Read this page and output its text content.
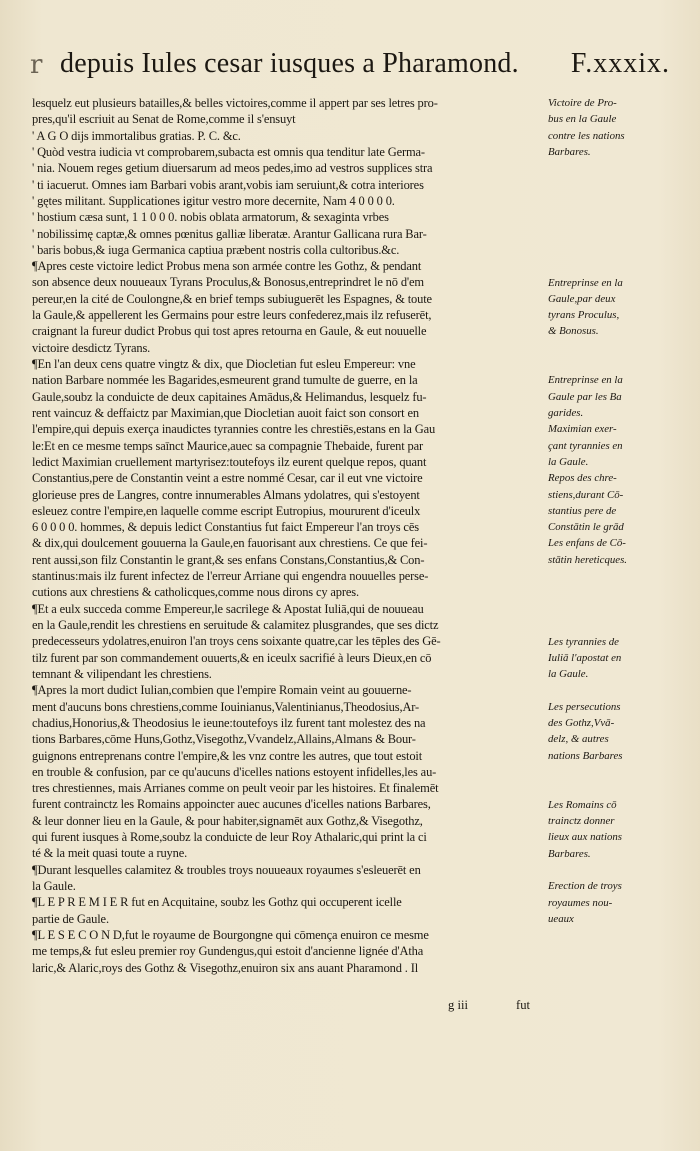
r depuis Iules cesar iusques a Pharamond. F.xxxix.
lesquelz eut plusieurs batailles,& belles victoires,comme il appert par ses letres pro-
pres,qu'il escriuit au Senat de Rome,comme il s'ensuyt
' A G O dijs immortalibus gratias. P. C. &c.
' Quòd vestra iudicia vt comprobarem,subacta est omnis qua tenditur late Germa-
' nia. Nouem reges getium diuersarum ad meos pedes,imo ad vestros supplices stra
' ti iacuerut. Omnes iam Barbari vobis arant,vobis iam seruiunt,& cotra interiores
' gętes militant. Supplicationes igitur vestro more decernite, Nam 4 0 0 0 0.
' hostium cæsa sunt, 1 1 0 0 0. nobis oblata armatorum, & sexaginta vrbes
' nobilissimę captæ,& omnes pœnitus galliæ liberatæ. Arantur Gallicana rura Bar-
' baris bobus,& iuga Germanica captiua præbent nostris colla cultoribus.&c.
¶Apres ceste victoire ledict Probus mena son armée contre les Gothz, & pendant
son absence deux nouueaux Tyrans Proculus,& Bonosus,entreprindret le nō d'em
pereur,en la cité de Coulongne,& en brief temps subiuguerēt les Espagnes, & toute
la Gaule,& appellerent les Germains pour estre leurs confederez,mais ilz refuserēt,
craignant la fureur dudict Probus qui tost apres retourna en Gaule, & eut nouuelle
victoire desdictz Tyrans.
¶En l'an deux cens quatre vingtz & dix, que Diocletian fut esleu Empereur: vne
nation Barbare nommée les Bagarides,esmeurent grand tumulte de guerre, en la
Gaule,soubz la conduicte de deux capitaines Amādus,& Helimandus, lesquelz fu-
rent vaincuz & deffaictz par Maximian,que Diocletian auoit faict son consort en
l'empire,qui depuis exerça inaudictes tyrannies contre les chrestiēs,estans en la Gau
le:Et en ce mesme temps saīnct Maurice,auec sa compagnie Thebaide, furent par
ledict Maximian cruellement martyrisez:toutefoys ilz eurent quelque repos, quant
Constantius,pere de Constantin veint a estre nommé Cesar, car il eut vne victoire
glorieuse pres de Langres, contre innumerables Almans ydolatres, qui s'estoyent
esleuez contre l'empire,en laquelle comme escript Eutropius, moururent d'iceulx
6 0 0 0 0. hommes, & depuis ledict Constantius fut faict Empereur l'an troys cēs
& dix,qui doulcement gouuerna la Gaule,en fauorisant aux chrestiens. Ce que fei-
rent aussi,son filz Constantin le grant,& ses enfans Constans,Constantius,& Con-
stantinus:mais ilz furent infectez de l'erreur Arriane qui engendra nouuelles perse-
cutions aux chrestiens & catholicques,comme nous dirons cy apres.
¶Et a eulx succeda comme Empereur,le sacrilege & Apostat Iuliā,qui de nouueau
en la Gaule,rendit les chrestiens en seruitude & calamitez plusgrandes, que ses dictz
predecesseurs ydolatres,enuiron l'an troys cens soixante quatre,car les tēples des Gē-
tilz furent par son commandement ouuerts,& en iceulx sacrifié à leurs Dieux,en cō
temnant & vilipendant les chrestiens.
¶Apres la mort dudict Iulian,combien que l'empire Romain veint au gouuerne-
ment d'aucuns bons chrestiens,comme Iouinianus,Valentinianus,Theodosius,Ar-
chadius,Honorius,& Theodosius le ieune:toutefoys ilz furent tant molestez des na
tions Barbares,cōme Huns,Gothz,Visegothz,Vvandelz,Allains,Almans & Bour-
guignons entreprenans contre l'empire,& les vnz contre les autres, que tout estoit
en trouble & confusion, par ce qu'aucuns d'icelles nations estoyent infidelles,les au-
tres chrestiennes, mais Arrianes comme on peult veoir par les histoires. Et finalemēt
furent contrainctz les Romains appoincter auec aucunes d'icelles nations Barbares,
& leur donner lieu en la Gaule, & pour habiter,signamēt aux Gothz,& Visegothz,
qui furent iusques à Rome,soubz la conduicte de leur Roy Athalaric,qui print la ci
té & la meit quasi toute a ruyne.
¶Durant lesquelles calamitez & troubles troys nouueaux royaumes s'esleuerēt en
la Gaule.
¶L E P R E M I E R fut en Acquitaine, soubz les Gothz qui occuperent icelle
partie de Gaule.
¶L E S E C O N D,fut le royaume de Bourgongne qui cōmença enuiron ce mesme
me temps,& fut esleu premier roy Gundengus,qui estoit d'ancienne lignée d'Atha
laric,& Alaric,roys des Gothz & Visegothz,enuiron six ans auant Pharamond . Il
Victoire de Pro-
bus en la Gaule
contre les nations
Barbares.
Entreprinse en la
Gaule,par deux
tyrans Proculus,
& Bonosus.
Entreprinse en la
Gaule par les Ba
garides.
Maximian exer-
çant tyrannies en
la Gaule.
Repos des chre-
stiens,durant Cō-
stantius pere de
Constātin le grād
Les enfans de Cō-
stātin hereticques.
Les tyrannies de
Iuliā l'apostat en
la Gaule.
Les persecutions
des Gothz,Vvā-
delz, & autres
nations Barbares
Les Romains cō
trainctz donner
lieux aux nations
Barbares.
Erection de troys
royaumes nou-
ueaux
g iii	fut
